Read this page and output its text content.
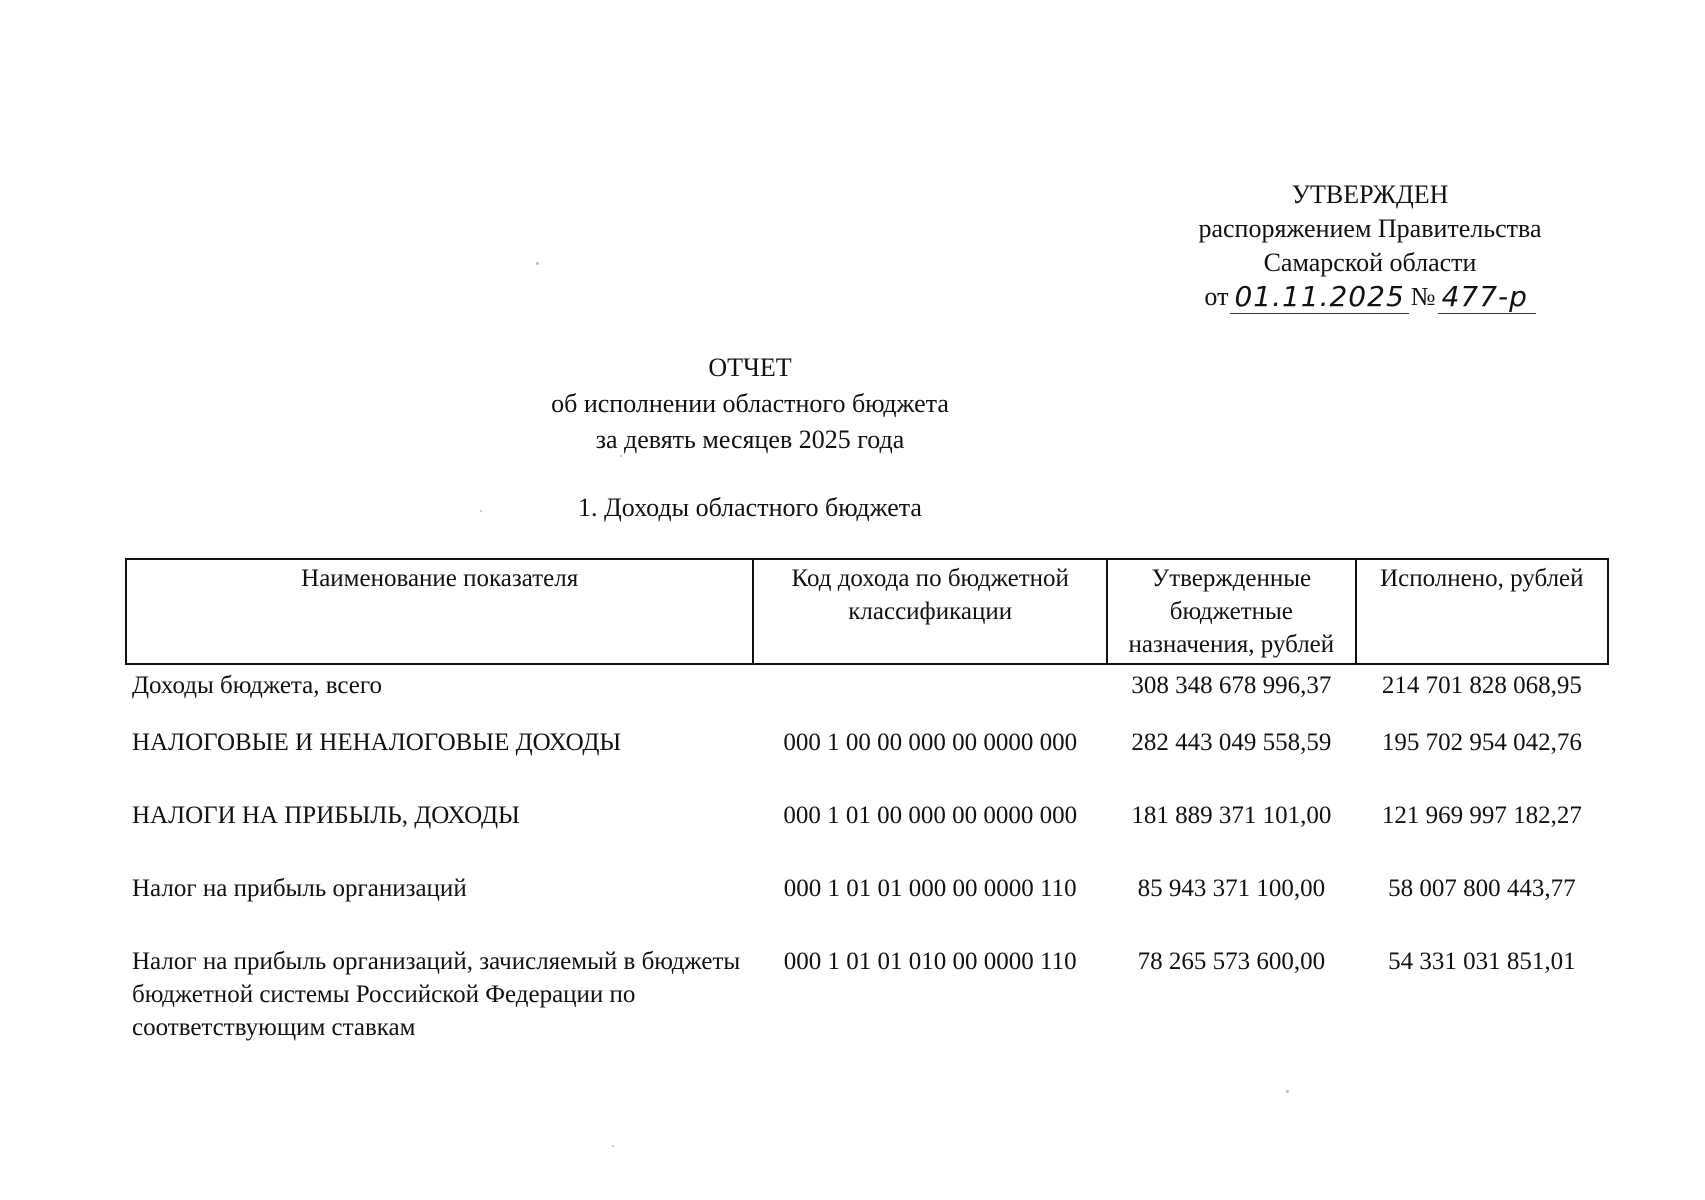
УТВЕРЖДЕН
распоряжением Правительства
Самарской области
от 01.11.2025 № 477-р
ОТЧЕТ
об исполнении областного бюджета
за девять месяцев 2025 года
1. Доходы областного бюджета
Наименование показателя	Код дохода по бюджетной классификации	Утвержденные бюджетные назначения, рублей	Исполнено, рублей
Доходы бюджета, всего		308 348 678 996,37	214 701 828 068,95
НАЛОГОВЫЕ И НЕНАЛОГОВЫЕ ДОХОДЫ	000 1 00 00 000 00 0000 000	282 443 049 558,59	195 702 954 042,76
НАЛОГИ НА ПРИБЫЛЬ, ДОХОДЫ	000 1 01 00 000 00 0000 000	181 889 371 101,00	121 969 997 182,27
Налог на прибыль организаций	000 1 01 01 000 00 0000 110	85 943 371 100,00	58 007 800 443,77
Налог на прибыль организаций, зачисляемый в бюджеты бюджетной системы Российской Федерации по соответствующим ставкам	000 1 01 01 010 00 0000 110	78 265 573 600,00	54 331 031 851,01
